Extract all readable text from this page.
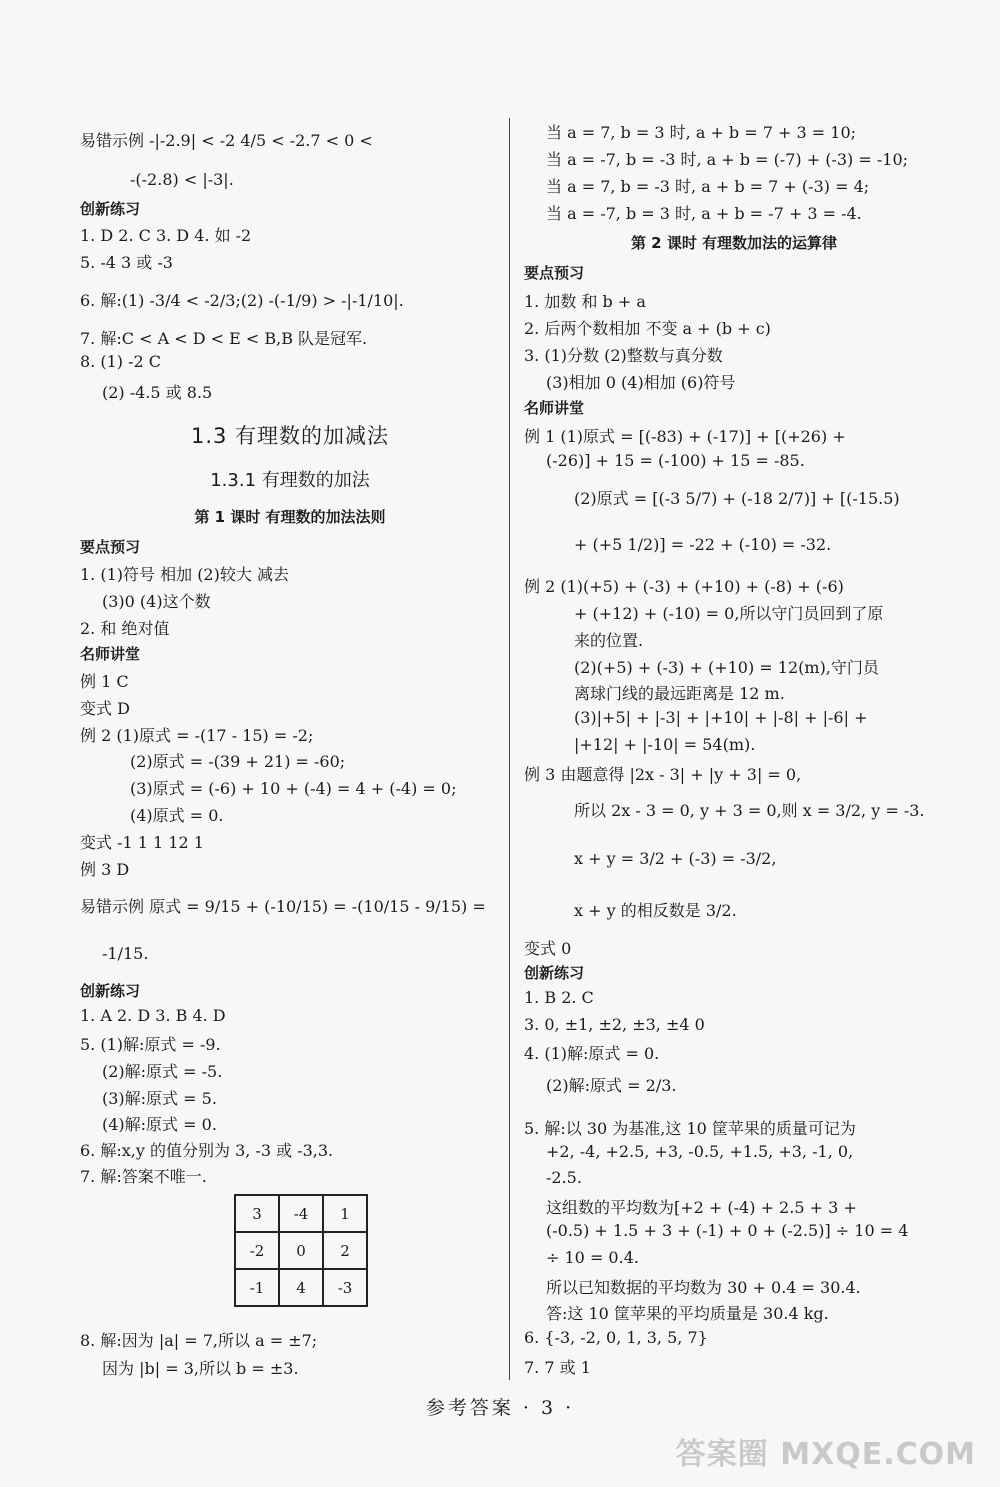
易错示例 -|-2.9| < -2 4/5 < -2.7 < 0 <
-(-2.8) < |-3|.
创新练习
1. D 2. C 3. D 4. 如 -2
5. -4 3 或 -3
6. 解:(1) -3/4 < -2/3;(2) -(-1/9) > -|-1/10|.
7. 解:C < A < D < E < B,B 队是冠军.
8. (1) -2 C
(2) -4.5 或 8.5
1.3 有理数的加减法
1.3.1 有理数的加法
第 1 课时 有理数的加法法则
要点预习
1. (1)符号 相加 (2)较大 减去
(3)0 (4)这个数
2. 和 绝对值
名师讲堂
例 1 C
变式 D
例 2 (1)原式 = -(17 - 15) = -2;
(2)原式 = -(39 + 21) = -60;
(3)原式 = (-6) + 10 + (-4) = 4 + (-4) = 0;
(4)原式 = 0.
变式 -1 1 1 12 1
例 3 D
易错示例 原式 = 9/15 + (-10/15) = -(10/15 - 9/15) =
-1/15.
创新练习
1. A 2. D 3. B 4. D
5. (1)解:原式 = -9.
(2)解:原式 = -5.
(3)解:原式 = 5.
(4)解:原式 = 0.
6. 解:x,y 的值分别为 3, -3 或 -3,3.
7. 解:答案不唯一.
3	-4	1
-2	0	2
-1	4	-3
8. 解:因为 |a| = 7,所以 a = ±7;
因为 |b| = 3,所以 b = ±3.
当 a = 7, b = 3 时, a + b = 7 + 3 = 10;
当 a = -7, b = -3 时, a + b = (-7) + (-3) = -10;
当 a = 7, b = -3 时, a + b = 7 + (-3) = 4;
当 a = -7, b = 3 时, a + b = -7 + 3 = -4.
第 2 课时 有理数加法的运算律
要点预习
1. 加数 和 b + a
2. 后两个数相加 不变 a + (b + c)
3. (1)分数 (2)整数与真分数
(3)相加 0 (4)相加 (6)符号
名师讲堂
例 1 (1)原式 = [(-83) + (-17)] + [(+26) +
(-26)] + 15 = (-100) + 15 = -85.
(2)原式 = [(-3 5/7) + (-18 2/7)] + [(-15.5)
+ (+5 1/2)] = -22 + (-10) = -32.
例 2 (1)(+5) + (-3) + (+10) + (-8) + (-6)
+ (+12) + (-10) = 0,所以守门员回到了原
来的位置.
(2)(+5) + (-3) + (+10) = 12(m),守门员
离球门线的最远距离是 12 m.
(3)|+5| + |-3| + |+10| + |-8| + |-6| +
|+12| + |-10| = 54(m).
例 3 由题意得 |2x - 3| + |y + 3| = 0,
所以 2x - 3 = 0, y + 3 = 0,则 x = 3/2, y = -3.
x + y = 3/2 + (-3) = -3/2,
x + y 的相反数是 3/2.
变式 0
创新练习
1. B 2. C
3. 0, ±1, ±2, ±3, ±4 0
4. (1)解:原式 = 0.
(2)解:原式 = 2/3.
5. 解:以 30 为基准,这 10 筐苹果的质量可记为
+2, -4, +2.5, +3, -0.5, +1.5, +3, -1, 0,
-2.5.
这组数的平均数为[+2 + (-4) + 2.5 + 3 +
(-0.5) + 1.5 + 3 + (-1) + 0 + (-2.5)] ÷ 10 = 4
÷ 10 = 0.4.
所以已知数据的平均数为 30 + 0.4 = 30.4.
答:这 10 筐苹果的平均质量是 30.4 kg.
6. {-3, -2, 0, 1, 3, 5, 7}
7. 7 或 1
参考答案 · 3 ·
答案圈 MXQE.COM
